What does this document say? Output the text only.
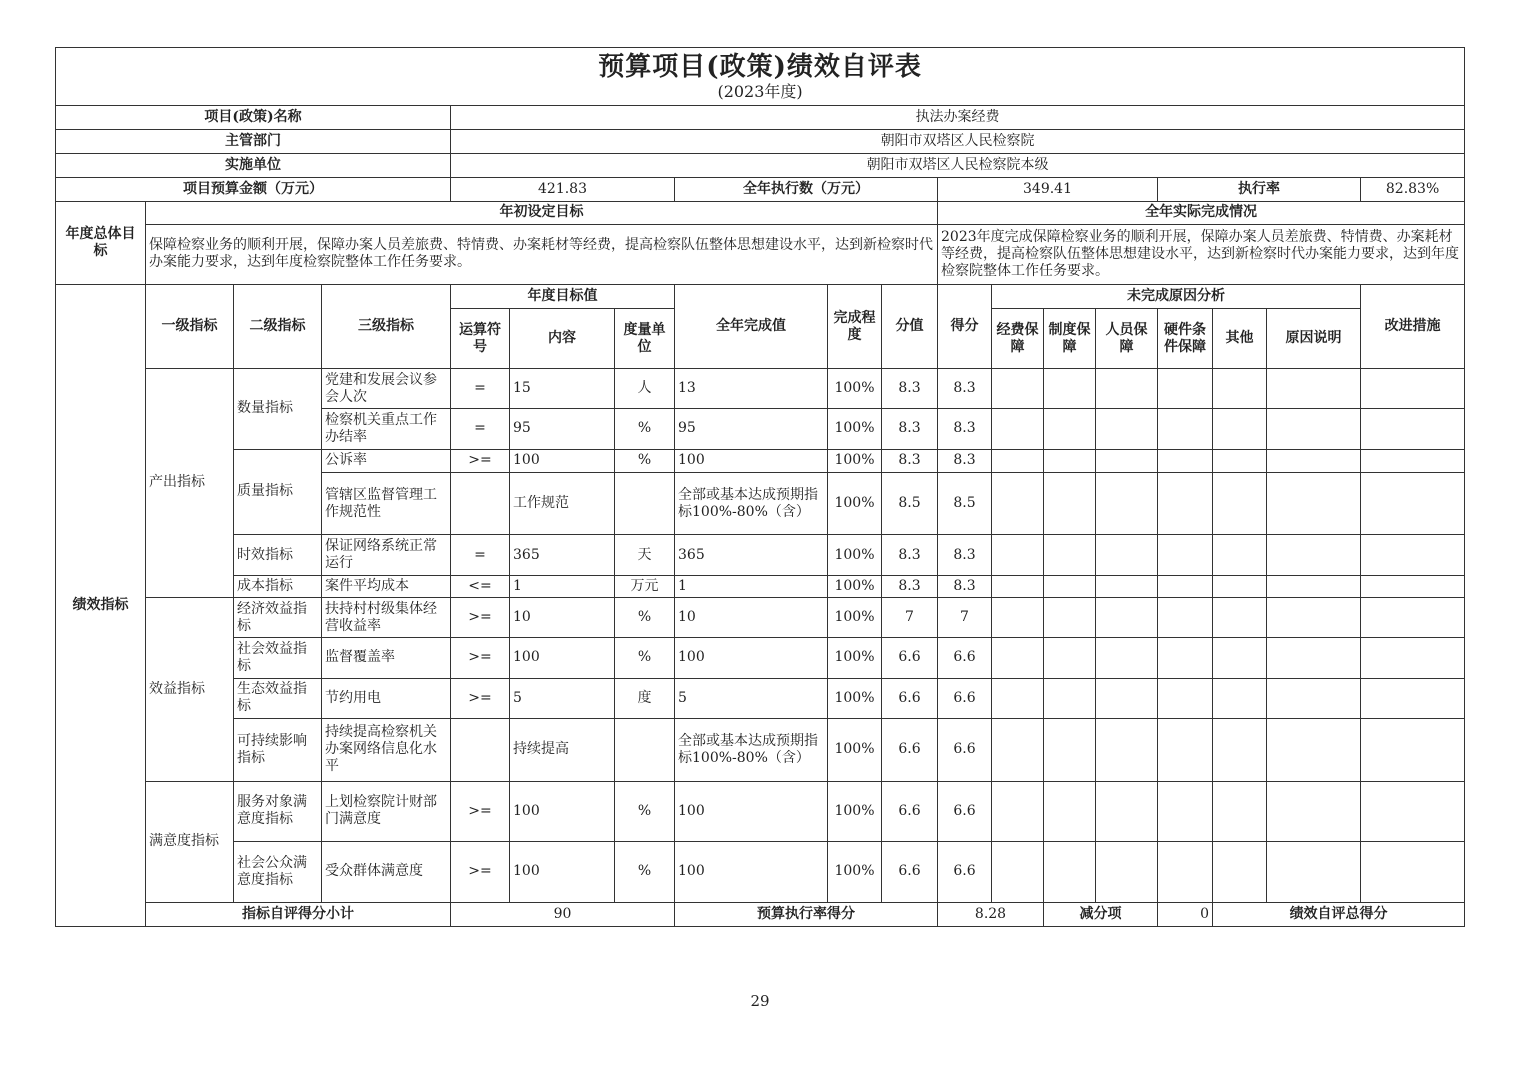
预算项目(政策)绩效自评表
(2023年度)																		

项目(政策)名称				执法办案经费														
主管部门				朝阳市双塔区人民检察院														
实施单位				朝阳市双塔区人民检察院本级														
项目预算金额（万元）				421.83			全年执行数（万元）			349.41				执行率			82.83%	
年度总体目标	年初设定目标									全年实际完成情况								
	保障检察业务的顺利开展，保障办案人员差旅费、特情费、办案耗材等经费，提高检察队伍整体思想建设水平，达到新检察时代办案能力要求，达到年度检察院整体工作任务要求。									2023年度完成保障检察业务的顺利开展，保障办案人员差旅费、特情费、办案耗材等经费，提高检察队伍整体思想建设水平，达到新检察时代办案能力要求，达到年度检察院整体工作任务要求。								
绩效指标	一级指标	二级指标	三级指标	年度目标值			全年完成值	完成程度	分值	得分	未完成原因分析						改进措施	
				运算符号	内容	度量单位					经费保障	制度保障	人员保障	硬件条件保障	其他	原因说明		
	产出指标	数量指标	党建和发展会议参会人次	=	15	人	13	100%	8.3	8.3								
			检察机关重点工作办结率	=	95	%	95	100%	8.3	8.3								
		质量指标	公诉率	>=	100	%	100	100%	8.3	8.3								
			管辖区监督管理工作规范性		工作规范		全部或基本达成预期指标100%-80%（含）	100%	8.5	8.5								
		时效指标	保证网络系统正常运行	=	365	天	365	100%	8.3	8.3								
		成本指标	案件平均成本	<=	1	万元	1	100%	8.3	8.3								
	效益指标	经济效益指标	扶持村村级集体经营收益率	>=	10	%	10	100%	7	7								
		社会效益指标	监督覆盖率	>=	100	%	100	100%	6.6	6.6								
		生态效益指标	节约用电	>=	5	度	5	100%	6.6	6.6								
		可持续影响指标	持续提高检察机关办案网络信息化水平		持续提高		全部或基本达成预期指标100%-80%（含）	100%	6.6	6.6								
	满意度指标	服务对象满意度指标	上划检察院计财部门满意度	>=	100	%	100	100%	6.6	6.6								
		社会公众满意度指标	受众群体满意度	>=	100	%	100	100%	6.6	6.6								
	指标自评得分小计			90			预算执行率得分			8.28		减分项		0	绩效自评总得分	
29
